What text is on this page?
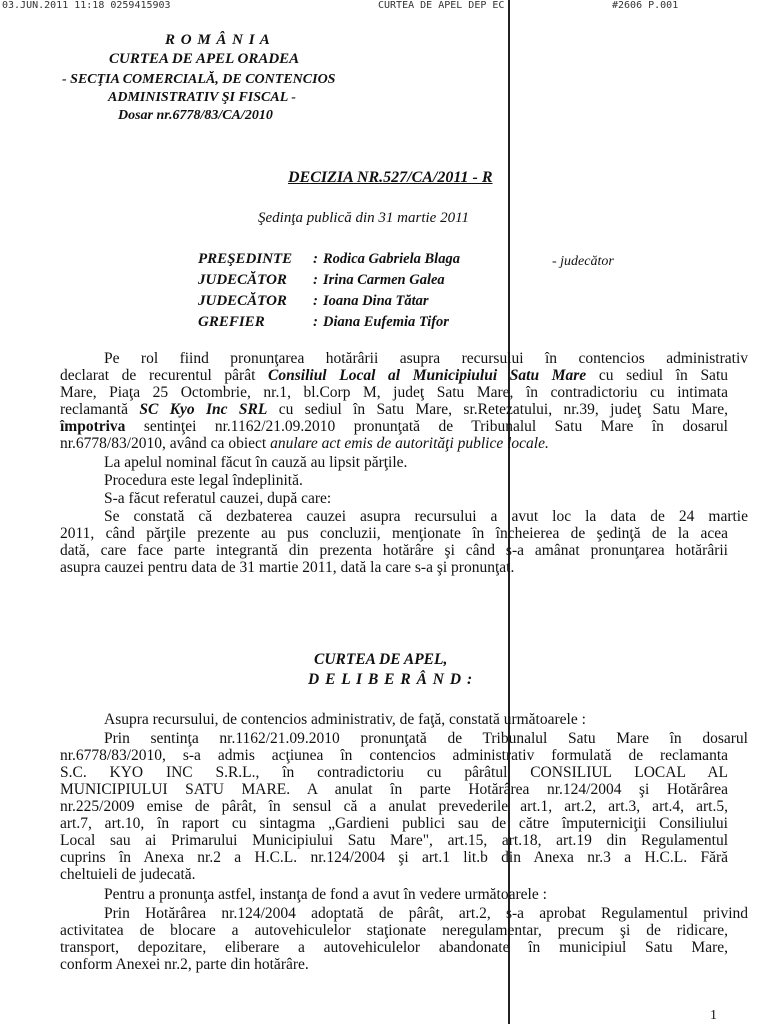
03.JUN.2011 11:18 0259415903	CURTEA DE APEL DEP EC	#2606 P.001
R O M Â N I A
CURTEA DE APEL ORADEA
- SECŢIA COMERCIALĂ, DE CONTENCIOS
ADMINISTRATIV ŞI FISCAL -
Dosar nr.6778/83/CA/2010
DECIZIA NR.527/CA/2011 - R
Şedinţa publică din 31 martie 2011
PREŞEDINTE : Rodica Gabriela Blaga	- judecător
JUDECĂTOR : Irina Carmen Galea
JUDECĂTOR : Ioana Dina Tătar
GREFIER	: Diana Eufemia Tifor
Pe rol fiind pronunţarea hotărârii asupra recursului în contencios administrativ
declarat de recurentul pârât Consiliul Local al Municipiului Satu Mare cu sediul în Satu
Mare, Piaţa 25 Octombrie, nr.1, bl.Corp M, judeţ Satu Mare, în contradictoriu cu intimata
reclamantă SC Kyo Inc SRL cu sediul în Satu Mare, sr.Retezatului, nr.39, judeţ Satu Mare,
împotriva sentinţei nr.1162/21.09.2010 pronunţată de Tribunalul Satu Mare în dosarul
nr.6778/83/2010, având ca obiect anulare act emis de autorităţi publice locale.
La apelul nominal făcut în cauză au lipsit părţile.
Procedura este legal îndeplinită.
S-a făcut referatul cauzei, după care:
Se constată că dezbaterea cauzei asupra recursului a avut loc la data de 24 martie
2011, când părţile prezente au pus concluzii, menţionate în încheierea de şedinţă de la acea
dată, care face parte integrantă din prezenta hotărâre şi când s-a amânat pronunţarea hotărârii
asupra cauzei pentru data de 31 martie 2011, dată la care s-a şi pronunţat.
CURTEA DE APEL,
D E L I B E R Â N D :
Asupra recursului, de contencios administrativ, de faţă, constată următoarele :
Prin sentinţa nr.1162/21.09.2010 pronunţată de Tribunalul Satu Mare în dosarul
nr.6778/83/2010, s-a admis acţiunea în contencios administrativ formulată de reclamanta
S.C. KYO INC S.R.L., în contradictoriu cu pârâtul CONSILIUL LOCAL AL
MUNICIPIULUI SATU MARE. A anulat în parte Hotărârea nr.124/2004 şi Hotărârea
nr.225/2009 emise de pârât, în sensul că a anulat prevederile art.1, art.2, art.3, art.4, art.5,
art.7, art.10, în raport cu sintagma „Gardieni publici sau de către împuterniciţii Consiliului
Local sau ai Primarului Municipiului Satu Mare", art.15, art.18, art.19 din Regulamentul
cuprins în Anexa nr.2 a H.C.L. nr.124/2004 şi art.1 lit.b din Anexa nr.3 a H.C.L. Fără
cheltuieli de judecată.
Pentru a pronunţa astfel, instanţa de fond a avut în vedere următoarele :
Prin Hotărârea nr.124/2004 adoptată de pârât, art.2, s-a aprobat Regulamentul privind
activitatea de blocare a autovehiculelor staţionate neregulamentar, precum şi de ridicare,
transport, depozitare, eliberare a autovehiculelor abandonate în municipiul Satu Mare,
conform Anexei nr.2, parte din hotărâre.
1
